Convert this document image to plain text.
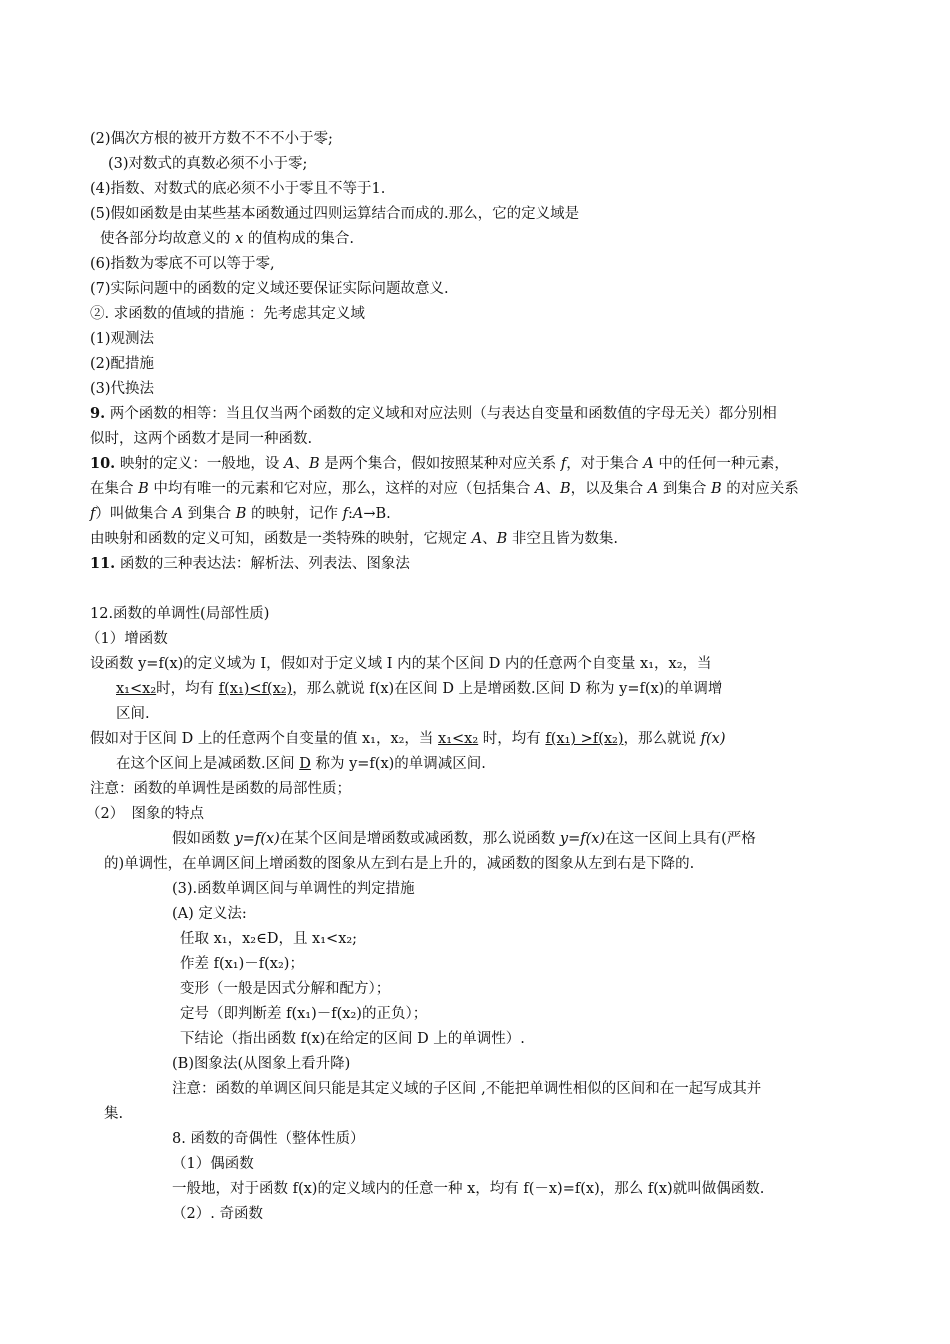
(2)偶次方根的被开方数不不不小于零;
(3)对数式的真数必须不小于零;
(4)指数、对数式的底必须不小于零且不等于1.
(5)假如函数是由某些基本函数通过四则运算结合而成的.那么，它的定义域是
使各部分均故意义的 x 的值构成的集合.
(6)指数为零底不可以等于零,
(7)实际问题中的函数的定义域还要保证实际问题故意义.
②. 求函数的值域的措施 ：先考虑其定义域
(1)观测法
(2)配措施
(3)代换法
9. 两个函数的相等：当且仅当两个函数的定义域和对应法则（与表达自变量和函数值的字母无关）都分别相
似时，这两个函数才是同一种函数.
10. 映射的定义：一般地，设 A、B 是两个集合，假如按照某种对应关系 f，对于集合 A 中的任何一种元素，
在集合 B 中均有唯一的元素和它对应，那么，这样的对应（包括集合 A、B，以及集合 A 到集合 B 的对应关系
f）叫做集合 A 到集合 B 的映射，记作 f:A→B.
由映射和函数的定义可知，函数是一类特殊的映射，它规定 A、B 非空且皆为数集.
11. 函数的三种表达法：解析法、列表法、图象法
12.函数的单调性(局部性质)
（1）增函数
设函数 y=f(x)的定义域为 I，假如对于定义域 I 内的某个区间 D 内的任意两个自变量 x₁，x₂，当
x₁<x₂时，均有 f(x₁)<f(x₂)，那么就说 f(x)在区间 D 上是增函数.区间 D 称为 y=f(x)的单调增
区间.
假如对于区间 D 上的任意两个自变量的值 x₁，x₂，当 x₁<x₂ 时，均有 f(x₁) >f(x₂)，那么就说 f(x)
在这个区间上是减函数.区间 D 称为 y=f(x)的单调减区间.
注意：函数的单调性是函数的局部性质；
（2）　图象的特点
假如函数 y=f(x)在某个区间是增函数或减函数，那么说函数 y=f(x)在这一区间上具有(严格
的)单调性，在单调区间上增函数的图象从左到右是上升的，减函数的图象从左到右是下降的.
(3).函数单调区间与单调性的判定措施
(A) 定义法:
任取 x₁，x₂∈D，且 x₁<x₂;
作差 f(x₁)－f(x₂)；
变形（一般是因式分解和配方）；
定号（即判断差 f(x₁)－f(x₂)的正负）；
下结论（指出函数 f(x)在给定的区间 D 上的单调性）.
(B)图象法(从图象上看升降)
注意：函数的单调区间只能是其定义域的子区间 ,不能把单调性相似的区间和在一起写成其并
集.
8. 函数的奇偶性（整体性质）
（1）偶函数
一般地，对于函数 f(x)的定义域内的任意一种 x，均有 f(－x)=f(x)，那么 f(x)就叫做偶函数.
（2）. 奇函数
